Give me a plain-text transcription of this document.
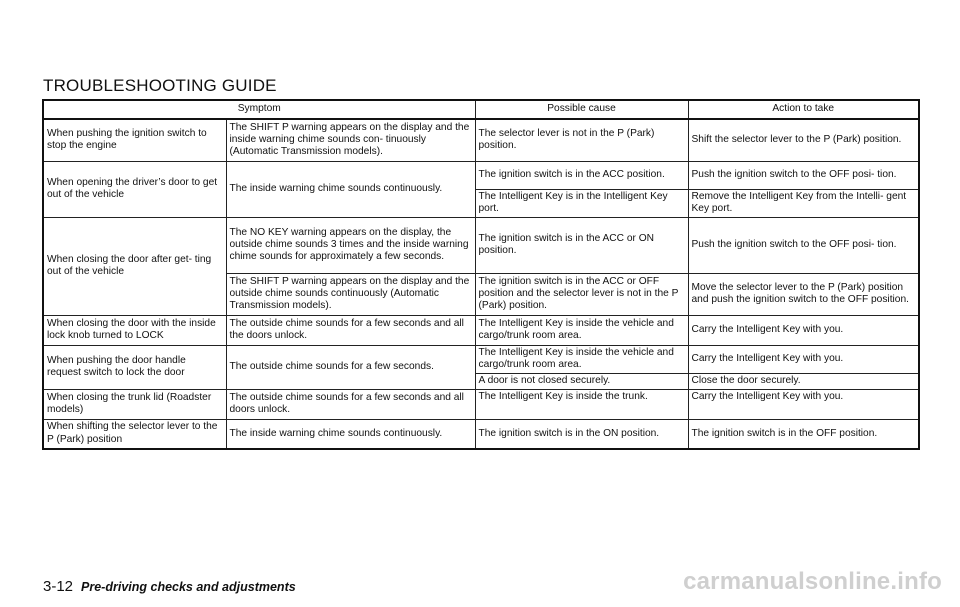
TROUBLESHOOTING GUIDE
Symptom		Possible cause	Action to take
When pushing the ignition switch to stop the engine	The SHIFT P warning appears on the display and the inside warning chime sounds con- tinuously (Automatic Transmission models).	The selector lever is not in the P (Park) position.	Shift the selector lever to the P (Park) position.
When opening the driver’s door to get out of the vehicle	The inside warning chime sounds continuously.	The ignition switch is in the ACC position.	Push the ignition switch to the OFF posi- tion.
		The Intelligent Key is in the Intelligent Key port.	Remove the Intelligent Key from the Intelli- gent Key port.
When closing the door after get- ting out of the vehicle	The NO KEY warning appears on the display, the outside chime sounds 3 times and the inside warning chime sounds for approximately a few seconds.	The ignition switch is in the ACC or ON position.	Push the ignition switch to the OFF posi- tion.
	The SHIFT P warning appears on the display and the outside chime sounds continuously (Automatic Transmission models).	The ignition switch is in the ACC or OFF position and the selector lever is not in the P (Park) position.	Move the selector lever to the P (Park) position and push the ignition switch to the OFF position.
When closing the door with the inside lock knob turned to LOCK	The outside chime sounds for a few seconds and all the doors unlock.	The Intelligent Key is inside the vehicle and cargo/trunk room area.	Carry the Intelligent Key with you.
When pushing the door handle request switch to lock the door	The outside chime sounds for a few seconds.	The Intelligent Key is inside the vehicle and cargo/trunk room area.	Carry the Intelligent Key with you.
		A door is not closed securely.	Close the door securely.
When closing the trunk lid (Roadster models)	The outside chime sounds for a few seconds and all doors unlock.	The Intelligent Key is inside the trunk.	Carry the Intelligent Key with you.
When shifting the selector lever to the P (Park) position	The inside warning chime sounds continuously.	The ignition switch is in the ON position.	The ignition switch is in the OFF position.
3-12 Pre-driving checks and adjustments	carmanualsonline.info
